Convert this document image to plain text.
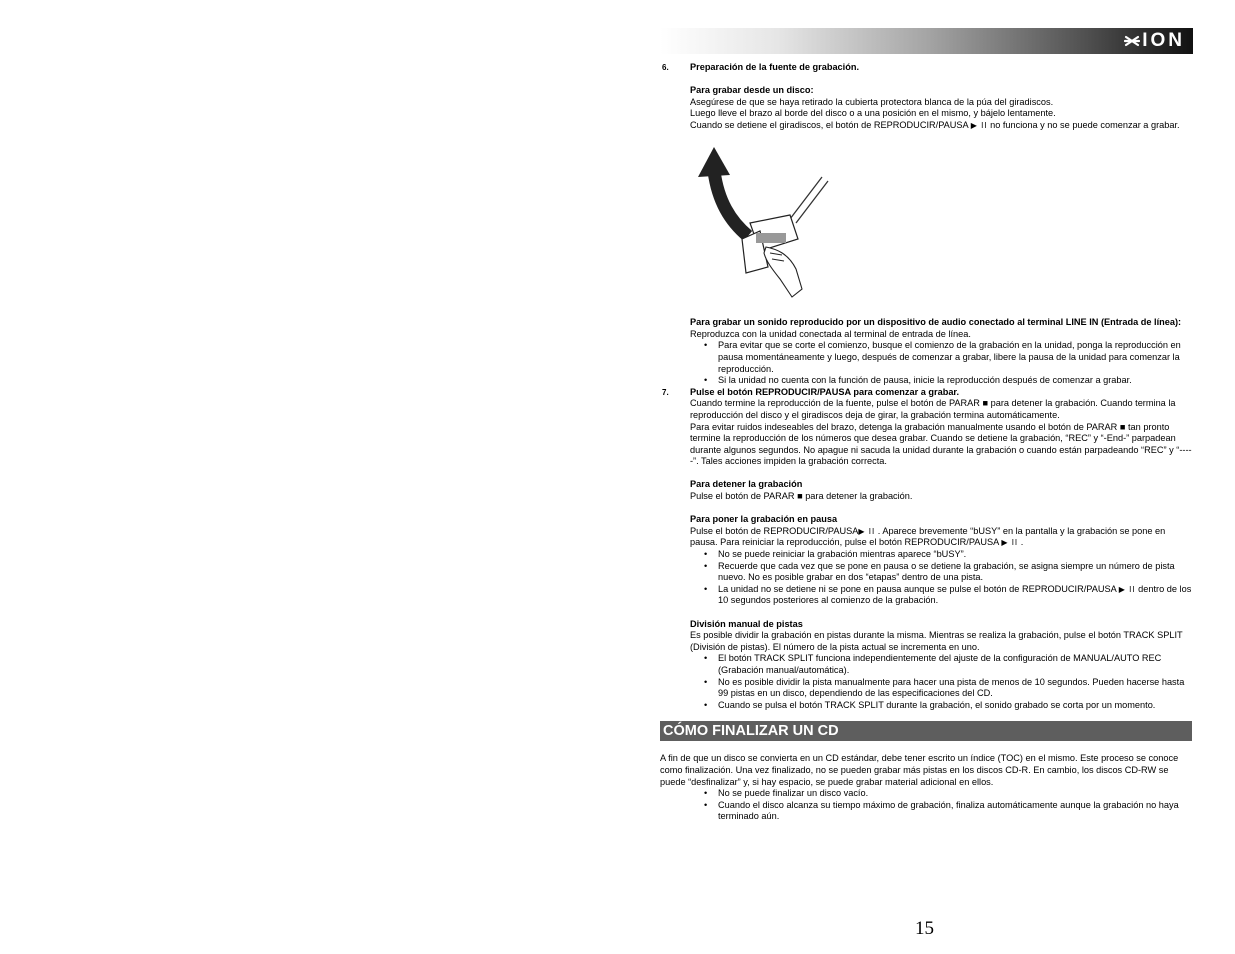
ION
6. Preparación de la fuente de grabación.

Para grabar desde un disco:

Asegúrese de que se haya retirado la cubierta protectora blanca de la púa del giradiscos.

Luego lleve el brazo al borde del disco o a una posición en el mismo, y bájelo lentamente.

Cuando se detiene el giradiscos, el botón de REPRODUCIR/PAUSA ▶ II no funciona y no se puede comenzar a grabar.

Para grabar un sonido reproducido por un dispositivo de audio conectado al terminal LINE IN (Entrada de línea):

Reproduzca con la unidad conectada al terminal de entrada de línea.

• Para evitar que se corte el comienzo, busque el comienzo de la grabación en la unidad, ponga la reproducción en pausa momentáneamente y luego, después de comenzar a grabar, libere la pausa de la unidad para comenzar la reproducción.
• Si la unidad no cuenta con la función de pausa, inicie la reproducción después de comenzar a grabar.
7. Pulse el botón REPRODUCIR/PAUSA para comenzar a grabar.

Cuando termine la reproducción de la fuente, pulse el botón de PARAR ■ para detener la grabación. Cuando termina la reproducción del disco y el giradiscos deja de girar, la grabación termina automáticamente.

Para evitar ruidos indeseables del brazo, detenga la grabación manualmente usando el botón de PARAR ■ tan pronto termine la reproducción de los números que desea grabar. Cuando se detiene la grabación, “REC” y “-End-” parpadean durante algunos segundos. No apague ni sacuda la unidad durante la grabación o cuando están parpadeando “REC” y “-----”. Tales acciones impiden la grabación correcta.

Para detener la grabación

Pulse el botón de PARAR ■ para detener la grabación.

Para poner la grabación en pausa

Pulse el botón de REPRODUCIR/PAUSA▶ II . Aparece brevemente “bUSY” en la pantalla y la grabación se pone en pausa. Para reiniciar la reproducción, pulse el botón REPRODUCIR/PAUSA ▶ II .

• No se puede reiniciar la grabación mientras aparece “bUSY”.
• Recuerde que cada vez que se pone en pausa o se detiene la grabación, se asigna siempre un número de pista nuevo. No es posible grabar en dos “etapas” dentro de una pista.
• La unidad no se detiene ni se pone en pausa aunque se pulse el botón de REPRODUCIR/PAUSA ▶ II dentro de los 10 segundos posteriores al comienzo de la grabación.

División manual de pistas

Es posible dividir la grabación en pistas durante la misma. Mientras se realiza la grabación, pulse el botón TRACK SPLIT (División de pistas). El número de la pista actual se incrementa en uno.

• El botón TRACK SPLIT funciona independientemente del ajuste de la configuración de MANUAL/AUTO REC (Grabación manual/automática).
• No es posible dividir la pista manualmente para hacer una pista de menos de 10 segundos. Pueden hacerse hasta 99 pistas en un disco, dependiendo de las especificaciones del CD.
• Cuando se pulsa el botón TRACK SPLIT durante la grabación, el sonido grabado se corta por un momento.
CÓMO FINALIZAR UN CD

A fin de que un disco se convierta en un CD estándar, debe tener escrito un índice (TOC) en el mismo. Este proceso se conoce como finalización. Una vez finalizado, no se pueden grabar más pistas en los discos CD-R. En cambio, los discos CD-RW se puede “desfinalizar” y, si hay espacio, se puede grabar material adicional en ellos.

• No se puede finalizar un disco vacío.
• Cuando el disco alcanza su tiempo máximo de grabación, finaliza automáticamente aunque la grabación no haya terminado aún.
15
